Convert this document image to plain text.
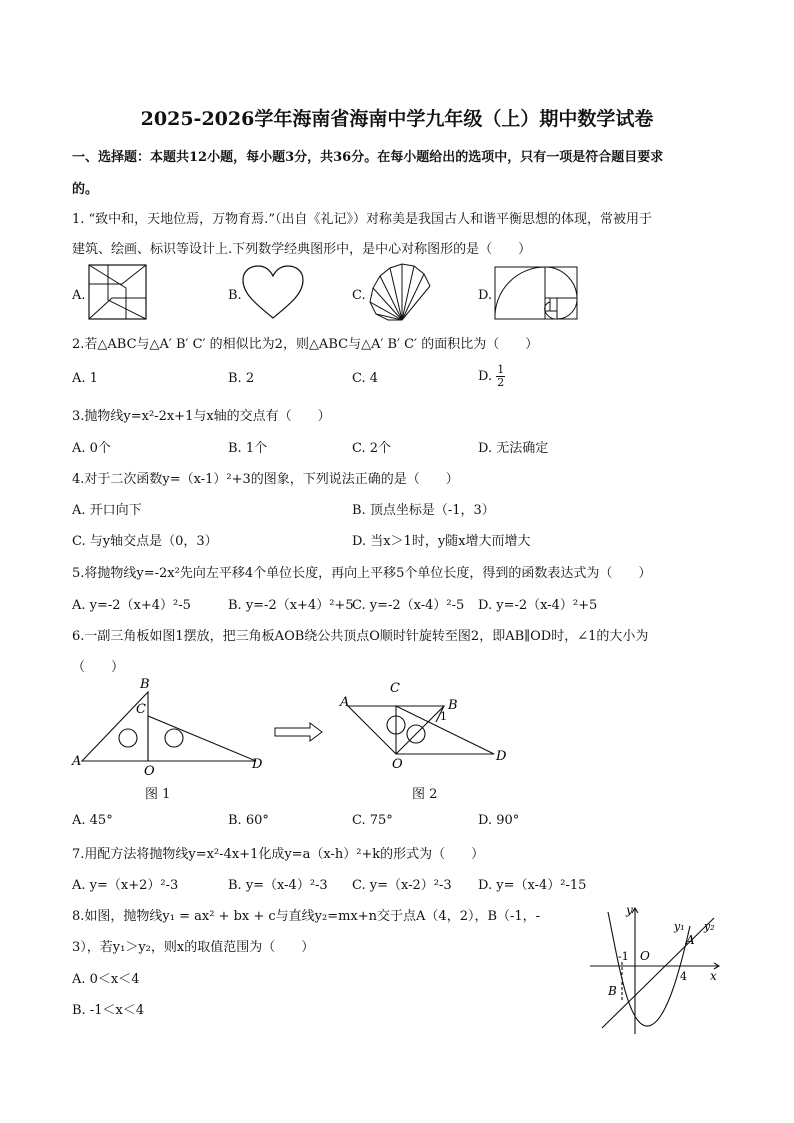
2025-2026学年海南省海南中学九年级（上）期中数学试卷
一、选择题：本题共12小题，每小题3分，共36分。在每小题给出的选项中，只有一项是符合题目要求
的。
1. “致中和，天地位焉，万物育焉.”（出自《礼记》）对称美是我国古人和谐平衡思想的体现，常被用于
建筑、绘画、标识等设计上.下列数学经典图形中，是中心对称图形的是（　　）
A.	B.	C.	D.
2.若△ABC与△A′ B′ C′ 的相似比为2，则△ABC与△A′ B′ C′ 的面积比为（　　）
A. 1	B. 2	C. 4	D. $\frac{1}{2}$
3.抛物线y=x²-2x+1与x轴的交点有（　　）
A. 0个	B. 1个	C. 2个	D. 无法确定
4.对于二次函数y=（x-1）²+3的图象，下列说法正确的是（　　）
A. 开口向下	B. 顶点坐标是（-1，3）
C. 与y轴交点是（0，3）	D. 当x＞1时，y随x增大而增大
5.将抛物线y=-2x²先向左平移4个单位长度，再向上平移5个单位长度，得到的函数表达式为（　　）
A. y=-2（x+4）²-5	B. y=-2（x+4）²+5
C. y=-2（x-4）²-5 D. y=-2（x-4）²+5
6.一副三角板如图1摆放，把三角板AOB绕公共顶点O顺时针旋转至图2，即AB∥OD时，∠1的大小为
（　　）
B
C
A
O	D
A
C
B
1
O
D
图 1	图 2
A. 45°	B. 60°	C. 75°	D. 90°
7.用配方法将抛物线y=x²-4x+1化成y=a（x-h）²+k的形式为（　　）
A. y=（x+2）²-3	B. y=（x-4）²-3 C. y=（x-2）²-3 D. y=（x-4）²-15
8.如图，抛物线y₁ = ax² + bx + c与直线y₂=mx+n交于点A（4，2），B（-1，-
3），若y₁＞y₂，则x的取值范围为（　　）
A. 0＜x＜4
B. -1＜x＜4
y
y₁ y₂
-1 O
A
4 x
B
